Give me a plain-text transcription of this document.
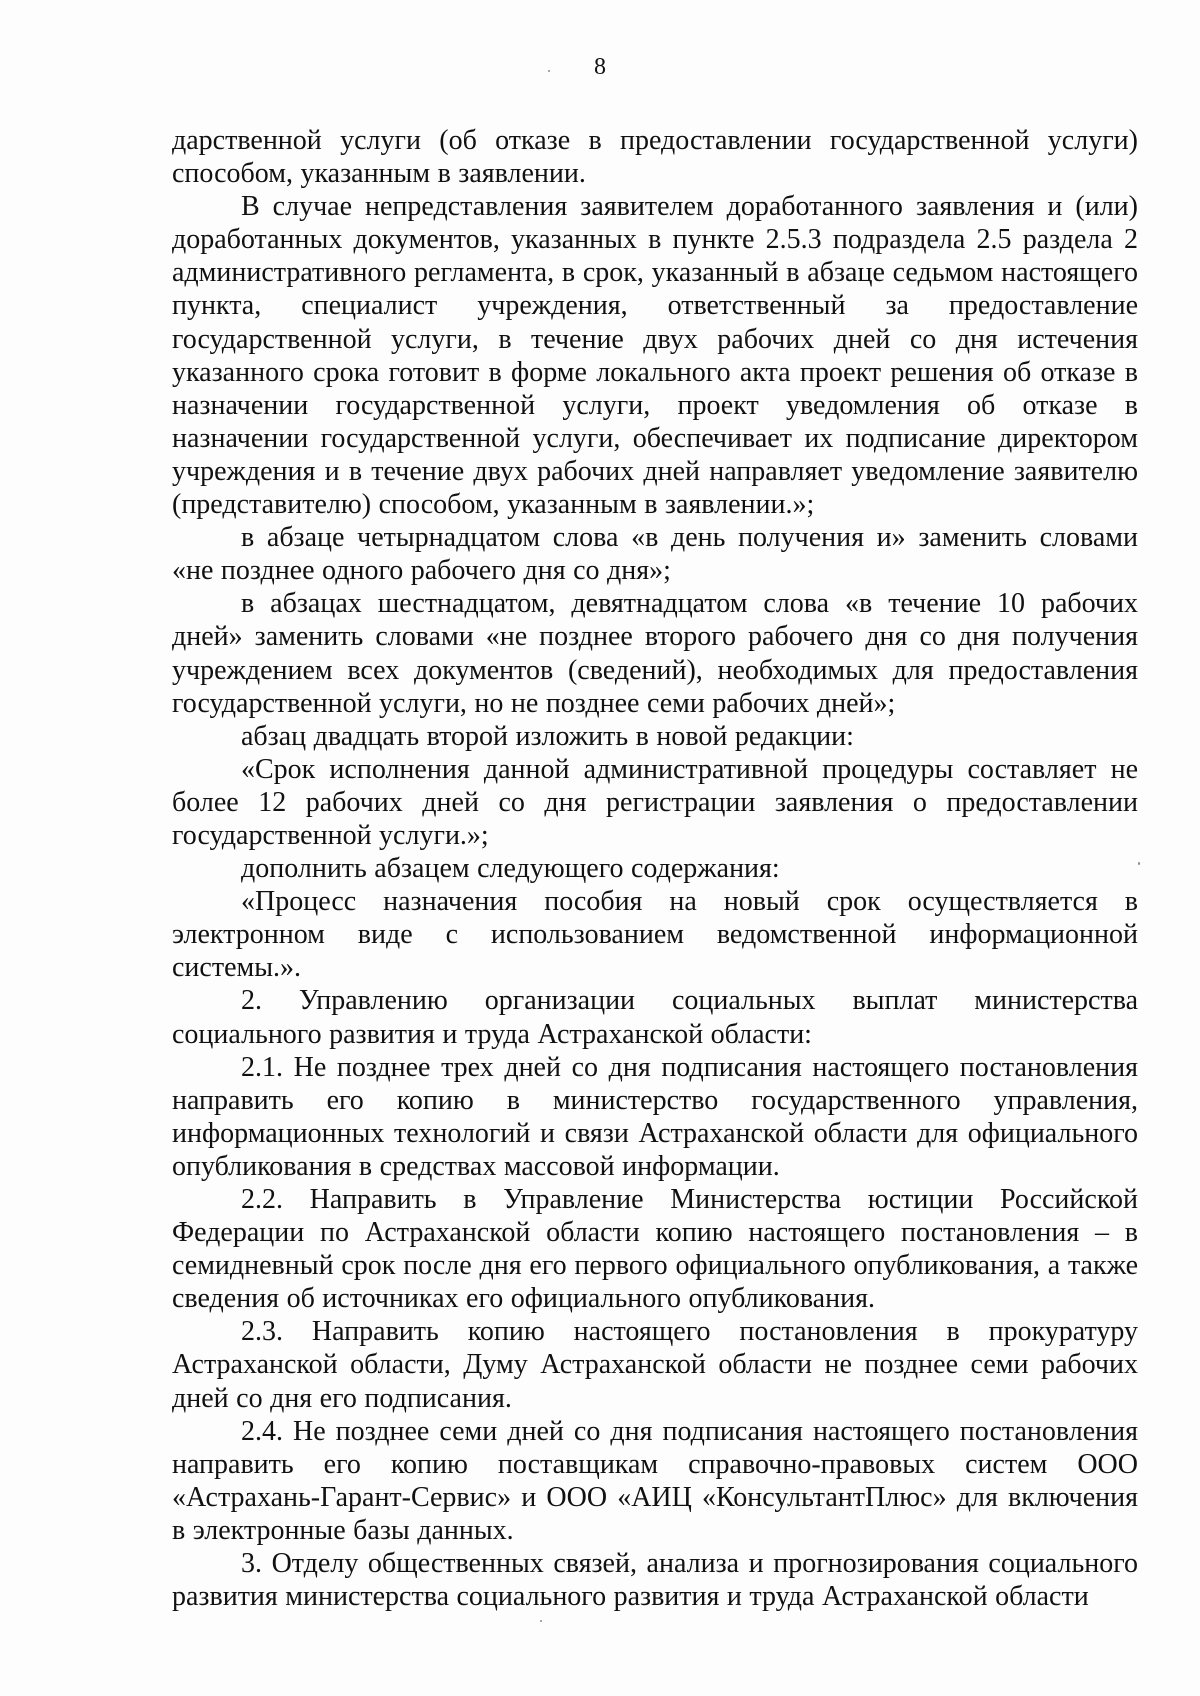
8

дарственной услуги (об отказе в предоставлении государственной услуги) способом, указанным в заявлении.

В случае непредставления заявителем доработанного заявления и (или) доработанных документов, указанных в пункте 2.5.3 подраздела 2.5 раздела 2 административного регламента, в срок, указанный в абзаце седьмом настоящего пункта, специалист учреждения, ответственный за предоставление государственной услуги, в течение двух рабочих дней со дня истечения указанного срока готовит в форме локального акта проект решения об отказе в назначении государственной услуги, проект уведомления об отказе в назначении государственной услуги, обеспечивает их подписание директором учреждения и в течение двух рабочих дней направляет уведомление заявителю (представителю) способом, указанным в заявлении.»;

в абзаце четырнадцатом слова «в день получения и» заменить словами «не позднее одного рабочего дня со дня»;

в абзацах шестнадцатом, девятнадцатом слова «в течение 10 рабочих дней» заменить словами «не позднее второго рабочего дня со дня получения учреждением всех документов (сведений), необходимых для предоставления государственной услуги, но не позднее семи рабочих дней»;

абзац двадцать второй изложить в новой редакции:

«Срок исполнения данной административной процедуры составляет не более 12 рабочих дней со дня регистрации заявления о предоставлении государственной услуги.»;

дополнить абзацем следующего содержания:

«Процесс назначения пособия на новый срок осуществляется в электронном виде с использованием ведомственной информационной системы.».

2. Управлению организации социальных выплат министерства социального развития и труда Астраханской области:

2.1. Не позднее трех дней со дня подписания настоящего постановления направить его копию в министерство государственного управления, информационных технологий и связи Астраханской области для официального опубликования в средствах массовой информации.

2.2. Направить в Управление Министерства юстиции Российской Федерации по Астраханской области копию настоящего постановления – в семидневный срок после дня его первого официального опубликования, а также сведения об источниках его официального опубликования.

2.3. Направить копию настоящего постановления в прокуратуру Астраханской области, Думу Астраханской области не позднее семи рабочих дней со дня его подписания.

2.4. Не позднее семи дней со дня подписания настоящего постановления направить его копию поставщикам справочно-правовых систем ООО «Астрахань-Гарант-Сервис» и ООО «АИЦ «КонсультантПлюс» для включения в электронные базы данных.

3. Отделу общественных связей, анализа и прогнозирования социального развития министерства социального развития и труда Астраханской области
